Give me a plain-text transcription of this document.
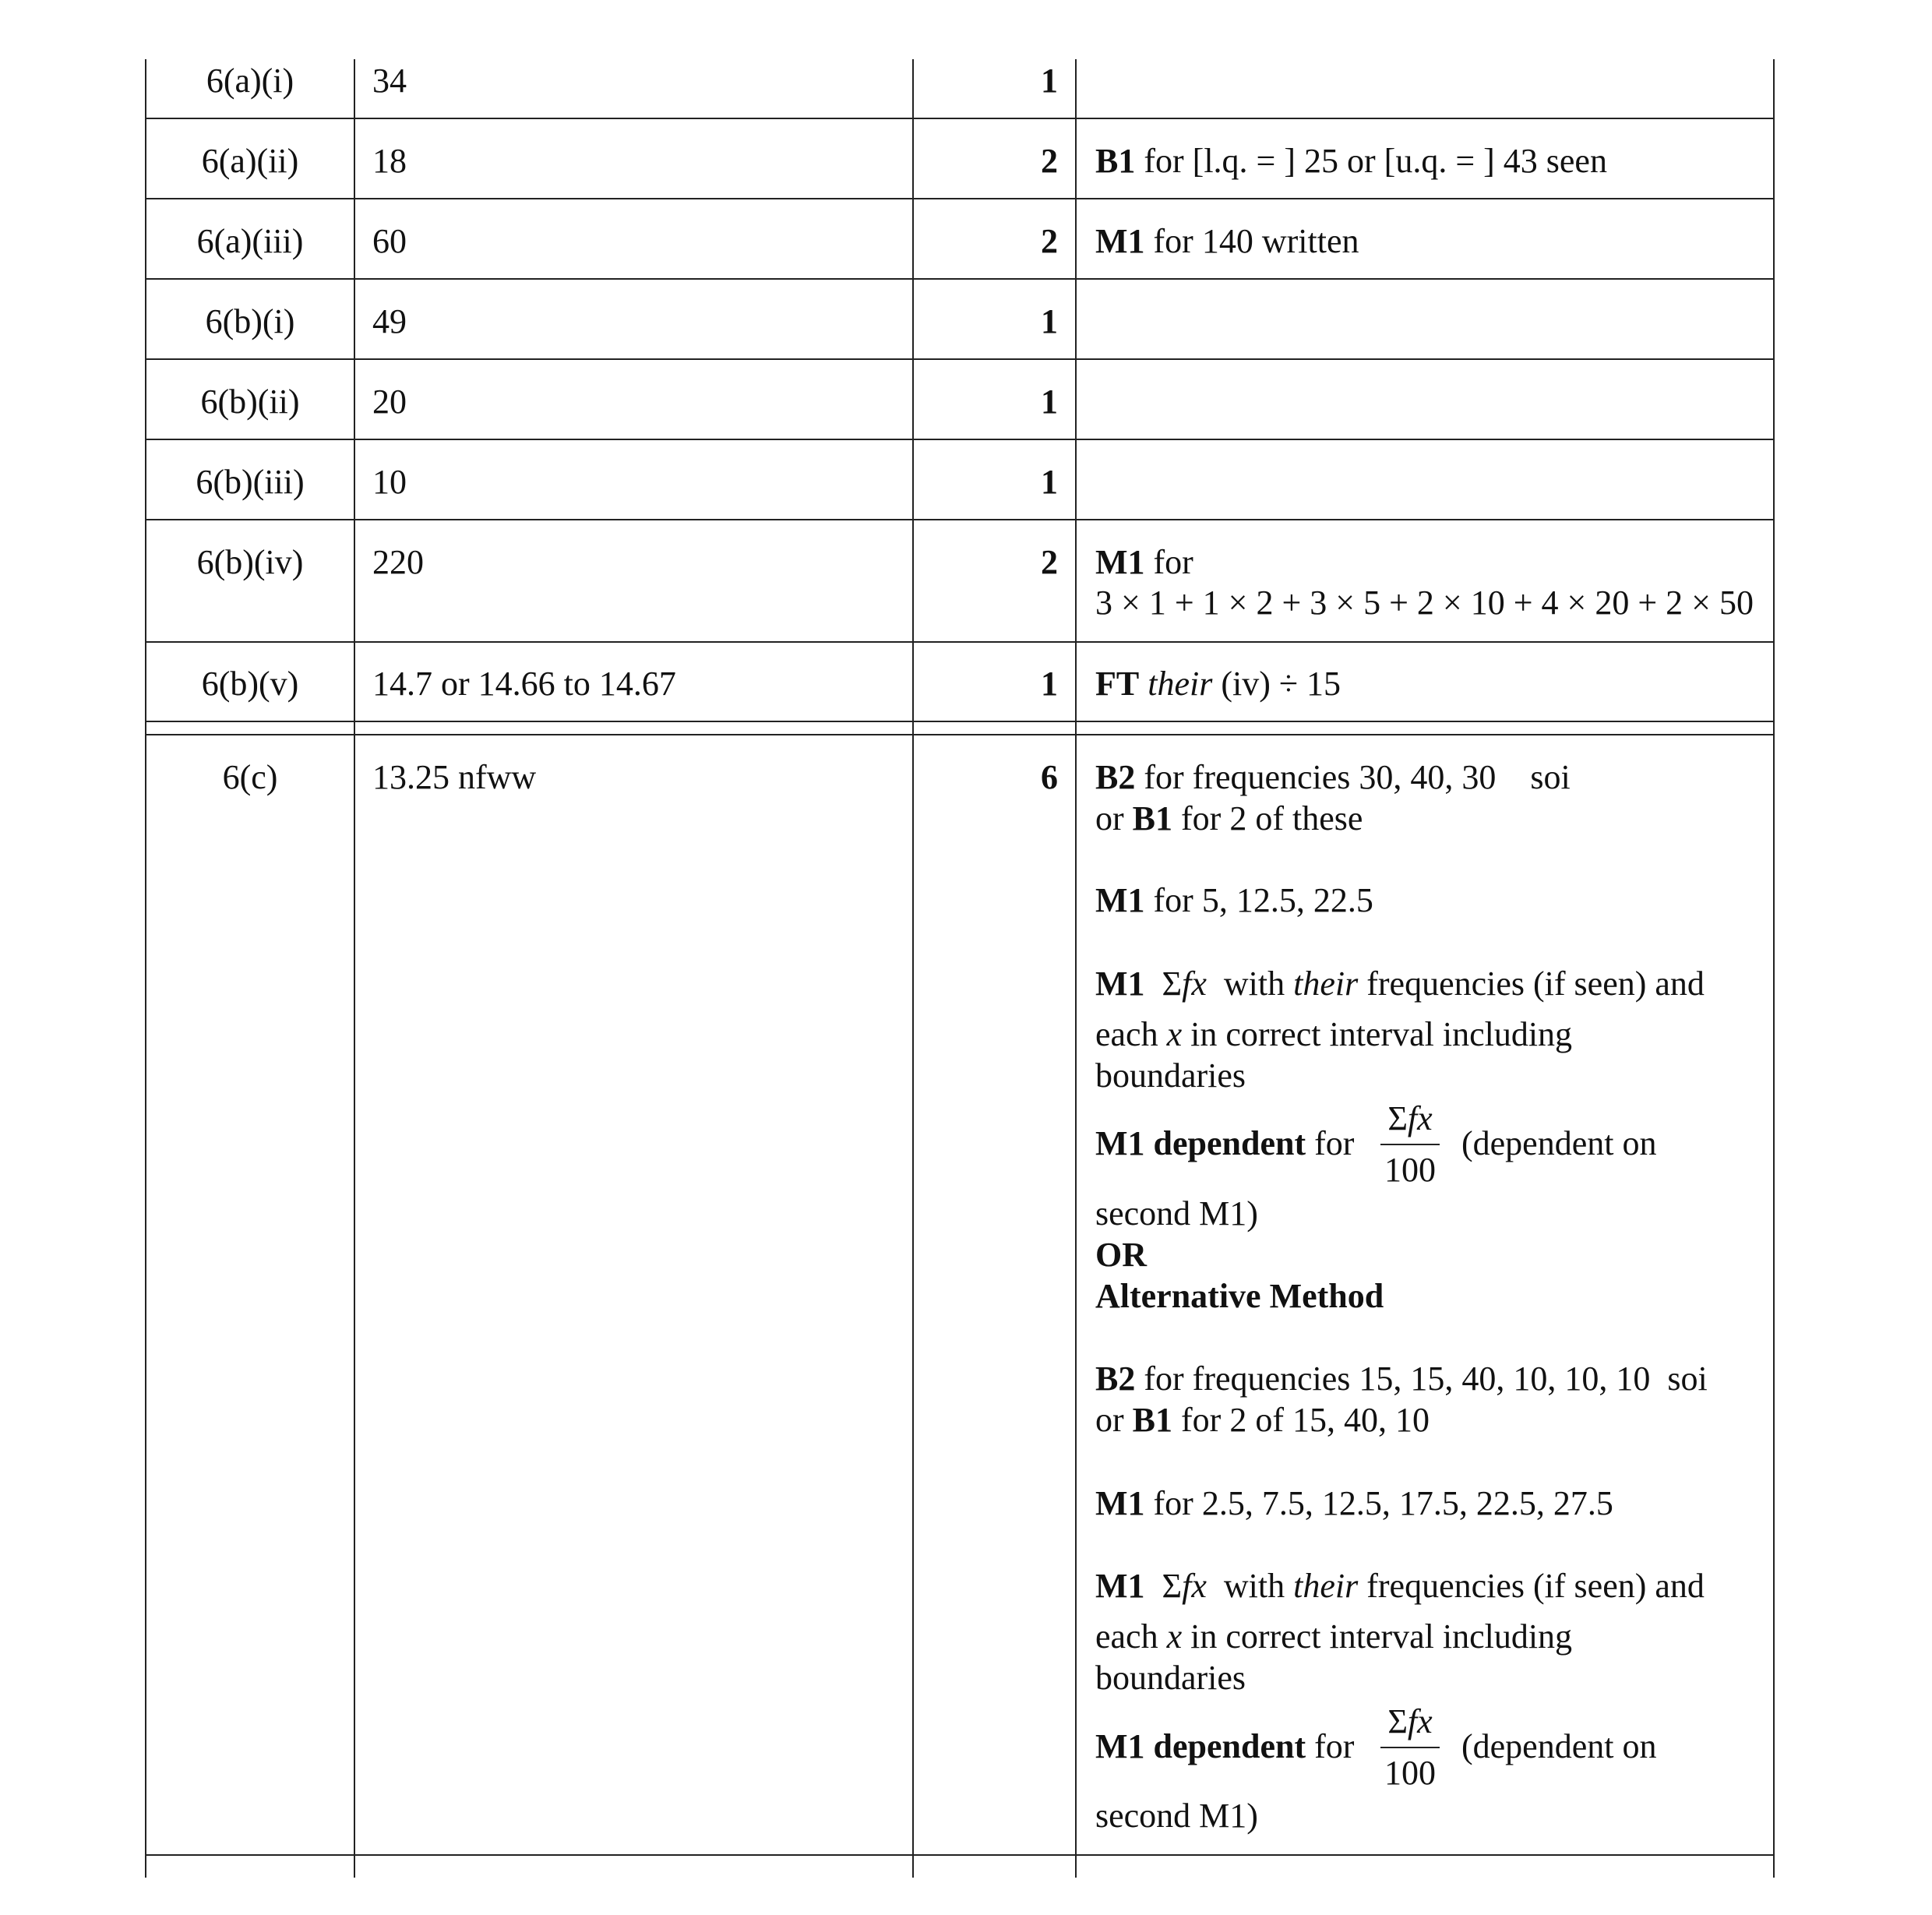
6(a)(i)	34	1
6(a)(ii)	18	2 B1 for [l.q. = ] 25 or [u.q. = ] 43 seen
6(a)(iii)	60	2 M1 for 140 written
6(b)(i)	49	1
6(b)(ii)	20	1
6(b)(iii)	10	1
6(b)(iv)	220	2 M1 for
3 × 1 + 1 × 2 + 3 × 5 + 2 × 10 + 4 × 20 + 2 × 50
6(b)(v)	14.7 or 14.66 to 14.67	1 FT their (iv) ÷ 15
6(c)	13.25 nfww	6 B2 for frequencies 30, 40, 30    soi
or B1 for 2 of these
M1 for 5, 12.5, 22.5
M1  Σfx  with their frequencies (if seen) and
each x in correct interval including
boundaries
M1 dependent for
Σfx
100
(dependent on
second M1)
OR
Alternative Method
B2 for frequencies 15, 15, 40, 10, 10, 10  soi
or B1 for 2 of 15, 40, 10
M1 for 2.5, 7.5, 12.5, 17.5, 22.5, 27.5
M1  Σfx  with their frequencies (if seen) and
each x in correct interval including
boundaries
M1 dependent for
Σfx
100
(dependent on
second M1)
